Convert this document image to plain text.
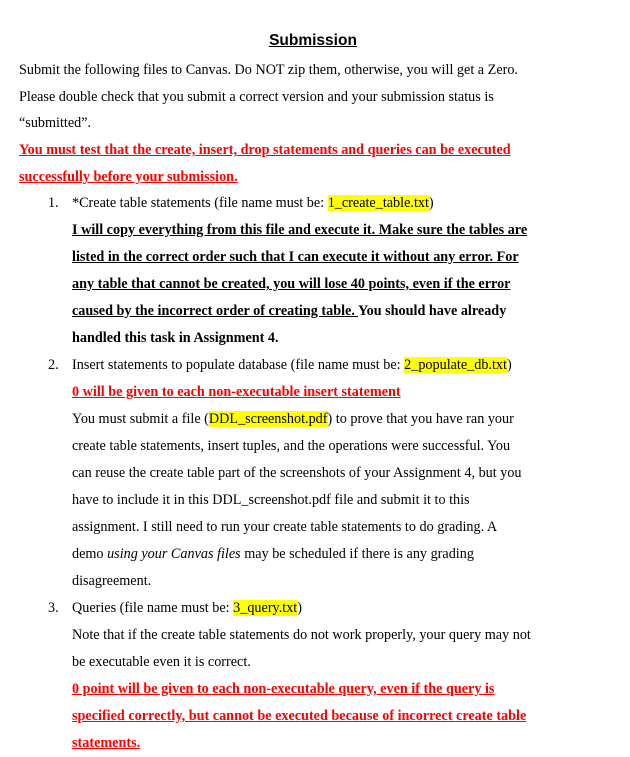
Submission
Submit the following files to Canvas. Do NOT zip them, otherwise, you will get a Zero.
Please double check that you submit a correct version and your submission status is
“submitted”.
You must test that the create, insert, drop statements and queries can be executed
successfully before your submission.
1. *Create table statements (file name must be: 1_create_table.txt)
I will copy everything from this file and execute it. Make sure the tables are
listed in the correct order such that I can execute it without any error. For
any table that cannot be created, you will lose 40 points, even if the error
caused by the incorrect order of creating table. You should have already
handled this task in Assignment 4.
2. Insert statements to populate database (file name must be: 2_populate_db.txt)
0 will be given to each non-executable insert statement
You must submit a file (DDL_screenshot.pdf) to prove that you have ran your
create table statements, insert tuples, and the operations were successful. You
can reuse the create table part of the screenshots of your Assignment 4, but you
have to include it in this DDL_screenshot.pdf file and submit it to this
assignment. I still need to run your create table statements to do grading. A
demo using your Canvas files may be scheduled if there is any grading
disagreement.
3. Queries (file name must be: 3_query.txt)
Note that if the create table statements do not work properly, your query may not
be executable even it is correct.
0 point will be given to each non-executable query, even if the query is
specified correctly, but cannot be executed because of incorrect create table
statements.
